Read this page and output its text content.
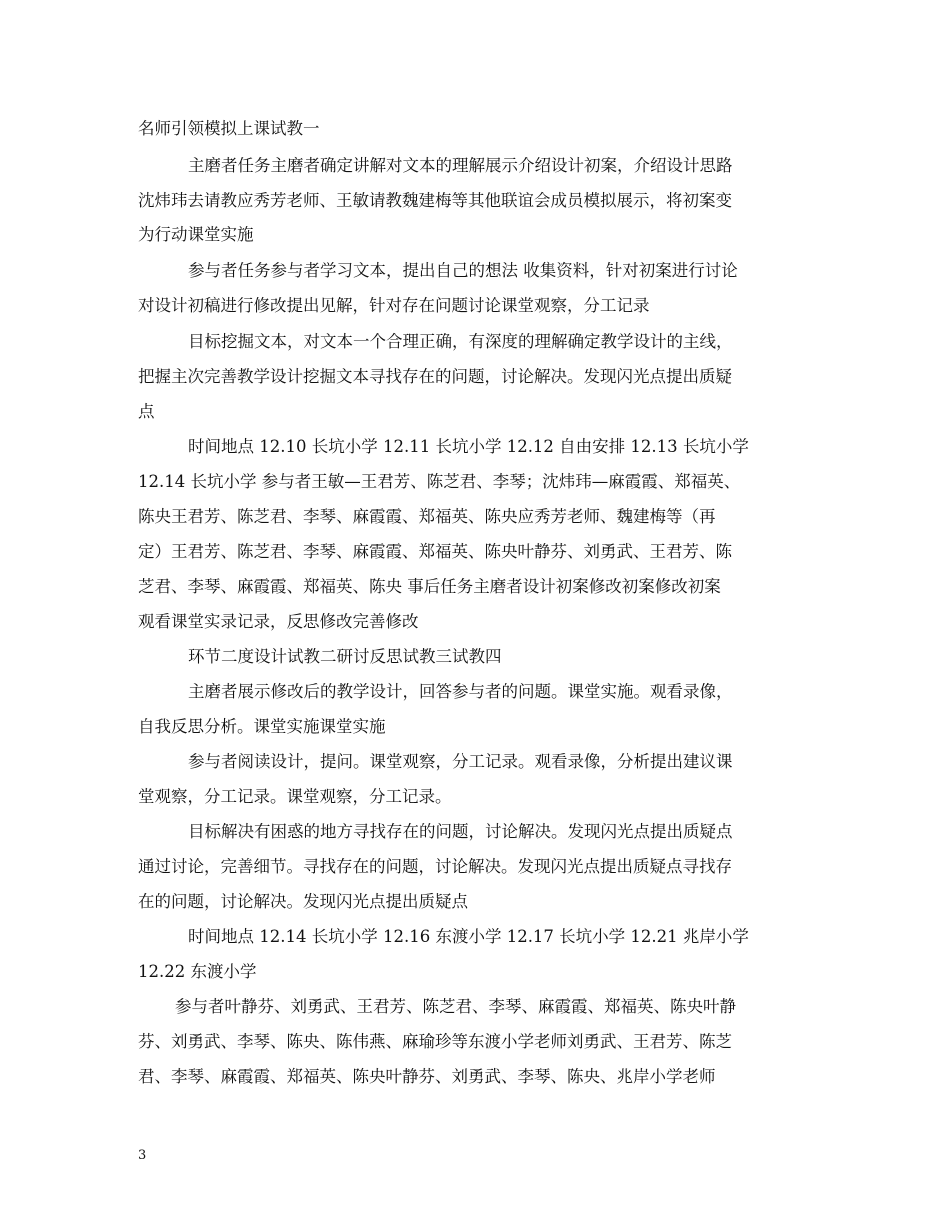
名师引领模拟上课试教一
主磨者任务主磨者确定讲解对文本的理解展示介绍设计初案，介绍设计思路
沈炜玮去请教应秀芳老师、王敏请教魏建梅等其他联谊会成员模拟展示，将初案变
为行动课堂实施
参与者任务参与者学习文本，提出自己的想法 收集资料，针对初案进行讨论
对设计初稿进行修改提出见解，针对存在问题讨论课堂观察，分工记录
目标挖掘文本，对文本一个合理正确，有深度的理解确定教学设计的主线，
把握主次完善教学设计挖掘文本寻找存在的问题，讨论解决。发现闪光点提出质疑
点
时间地点 12.10 长坑小学 12.11 长坑小学 12.12 自由安排 12.13 长坑小学
12.14 长坑小学 参与者王敏—王君芳、陈芝君、李琴；沈炜玮—麻霞霞、郑福英、
陈央王君芳、陈芝君、李琴、麻霞霞、郑福英、陈央应秀芳老师、魏建梅等（再
定）王君芳、陈芝君、李琴、麻霞霞、郑福英、陈央叶静芬、刘勇武、王君芳、陈
芝君、李琴、麻霞霞、郑福英、陈央 事后任务主磨者设计初案修改初案修改初案
观看课堂实录记录，反思修改完善修改
环节二度设计试教二研讨反思试教三试教四
主磨者展示修改后的教学设计，回答参与者的问题。课堂实施。观看录像，
自我反思分析。课堂实施课堂实施
参与者阅读设计，提问。课堂观察，分工记录。观看录像，分析提出建议课
堂观察，分工记录。课堂观察，分工记录。
目标解决有困惑的地方寻找存在的问题，讨论解决。发现闪光点提出质疑点
通过讨论，完善细节。寻找存在的问题，讨论解决。发现闪光点提出质疑点寻找存
在的问题，讨论解决。发现闪光点提出质疑点
时间地点 12.14 长坑小学 12.16 东渡小学 12.17 长坑小学 12.21 兆岸小学
12.22 东渡小学
参与者叶静芬、刘勇武、王君芳、陈芝君、李琴、麻霞霞、郑福英、陈央叶静
芬、刘勇武、李琴、陈央、陈伟燕、麻瑜珍等东渡小学老师刘勇武、王君芳、陈芝
君、李琴、麻霞霞、郑福英、陈央叶静芬、刘勇武、李琴、陈央、兆岸小学老师
3
